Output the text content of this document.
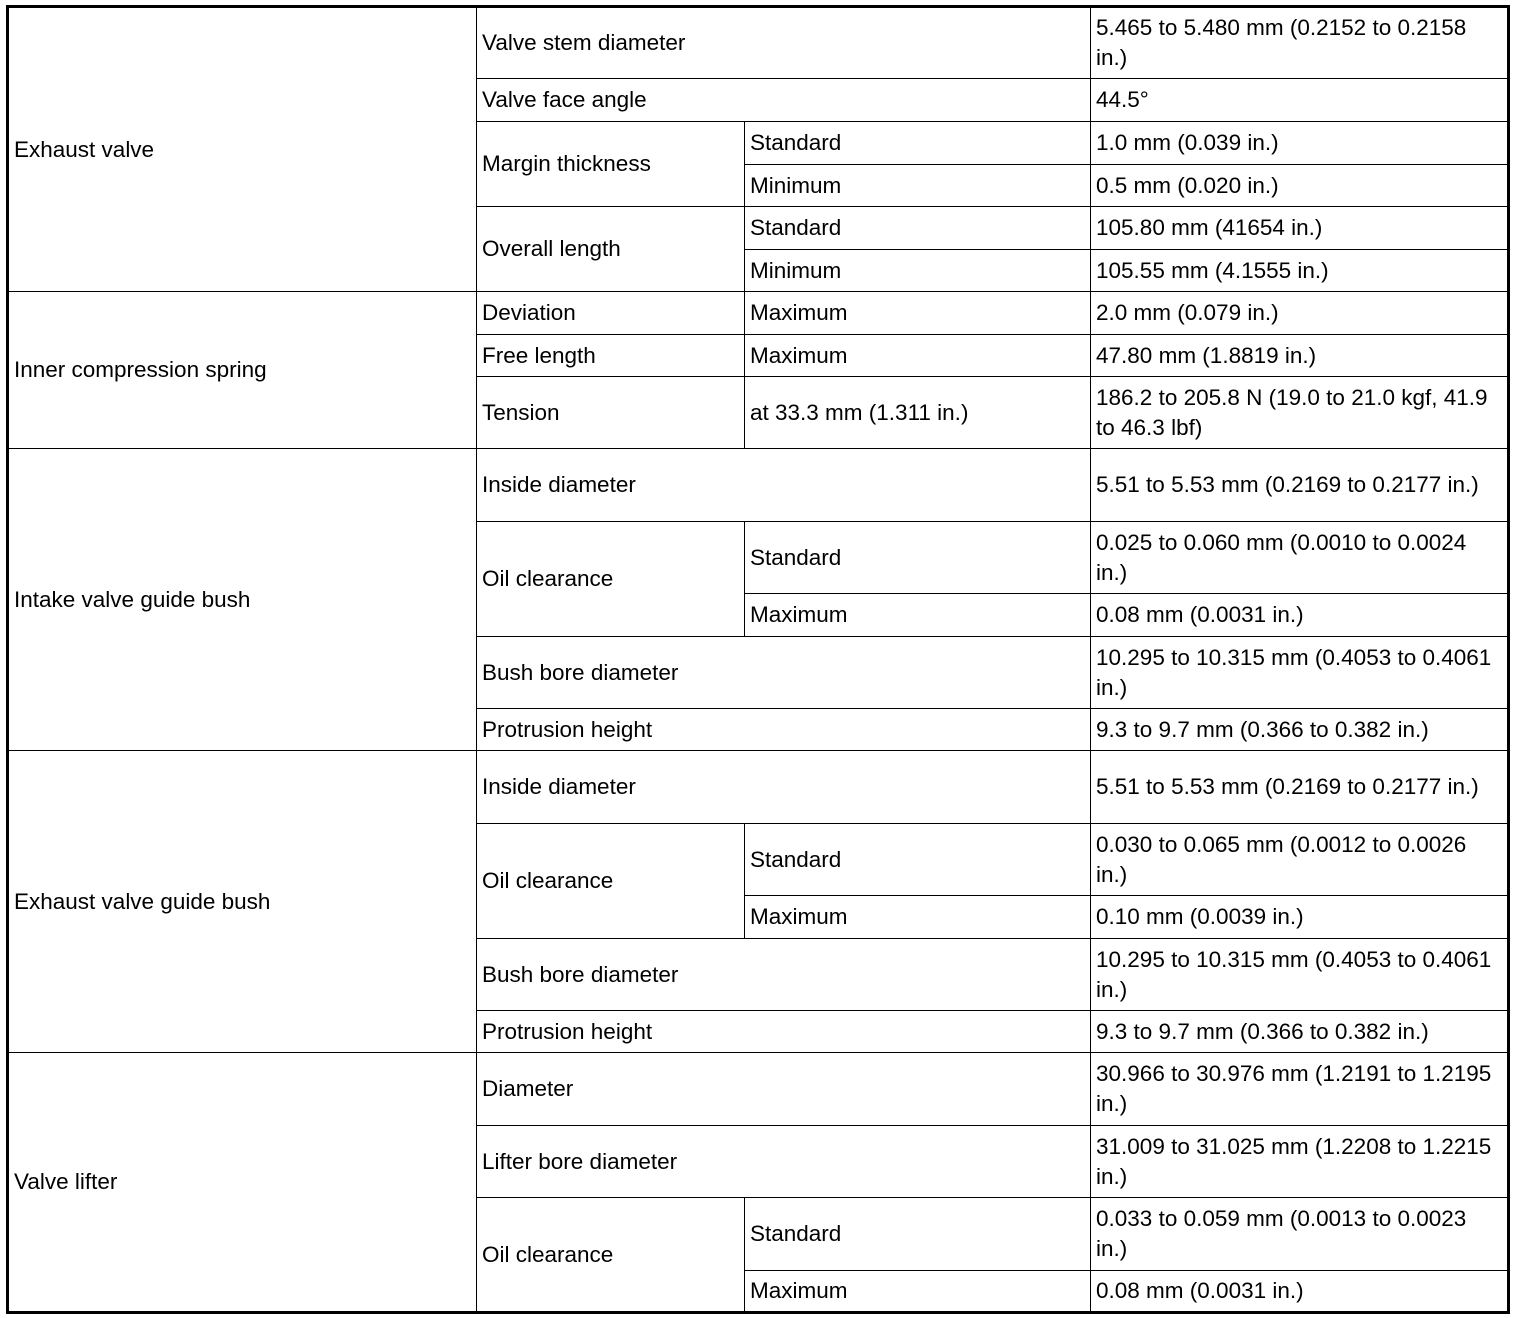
Exhaust valve	Valve stem diameter		5.465 to 5.480 mm (0.2152 to 0.2158 in.)
	Valve face angle		44.5°
	Margin thickness	Standard	1.0 mm (0.039 in.)
		Minimum	0.5 mm (0.020 in.)
	Overall length	Standard	105.80 mm (41654 in.)
		Minimum	105.55 mm (4.1555 in.)
Inner compression spring	Deviation	Maximum	2.0 mm (0.079 in.)
	Free length	Maximum	47.80 mm (1.8819 in.)
	Tension	at 33.3 mm (1.311 in.)	186.2 to 205.8 N (19.0 to 21.0 kgf, 41.9 to 46.3 lbf)
Intake valve guide bush	Inside diameter		5.51 to 5.53 mm (0.2169 to 0.2177 in.)
	Oil clearance	Standard	0.025 to 0.060 mm (0.0010 to 0.0024 in.)
		Maximum	0.08 mm (0.0031 in.)
	Bush bore diameter		10.295 to 10.315 mm (0.4053 to 0.4061 in.)
	Protrusion height		9.3 to 9.7 mm (0.366 to 0.382 in.)
Exhaust valve guide bush	Inside diameter		5.51 to 5.53 mm (0.2169 to 0.2177 in.)
	Oil clearance	Standard	0.030 to 0.065 mm (0.0012 to 0.0026 in.)
		Maximum	0.10 mm (0.0039 in.)
	Bush bore diameter		10.295 to 10.315 mm (0.4053 to 0.4061 in.)
	Protrusion height		9.3 to 9.7 mm (0.366 to 0.382 in.)
Valve lifter	Diameter		30.966 to 30.976 mm (1.2191 to 1.2195 in.)
	Lifter bore diameter		31.009 to 31.025 mm (1.2208 to 1.2215 in.)
	Oil clearance	Standard	0.033 to 0.059 mm (0.0013 to 0.0023 in.)
		Maximum	0.08 mm (0.0031 in.)
